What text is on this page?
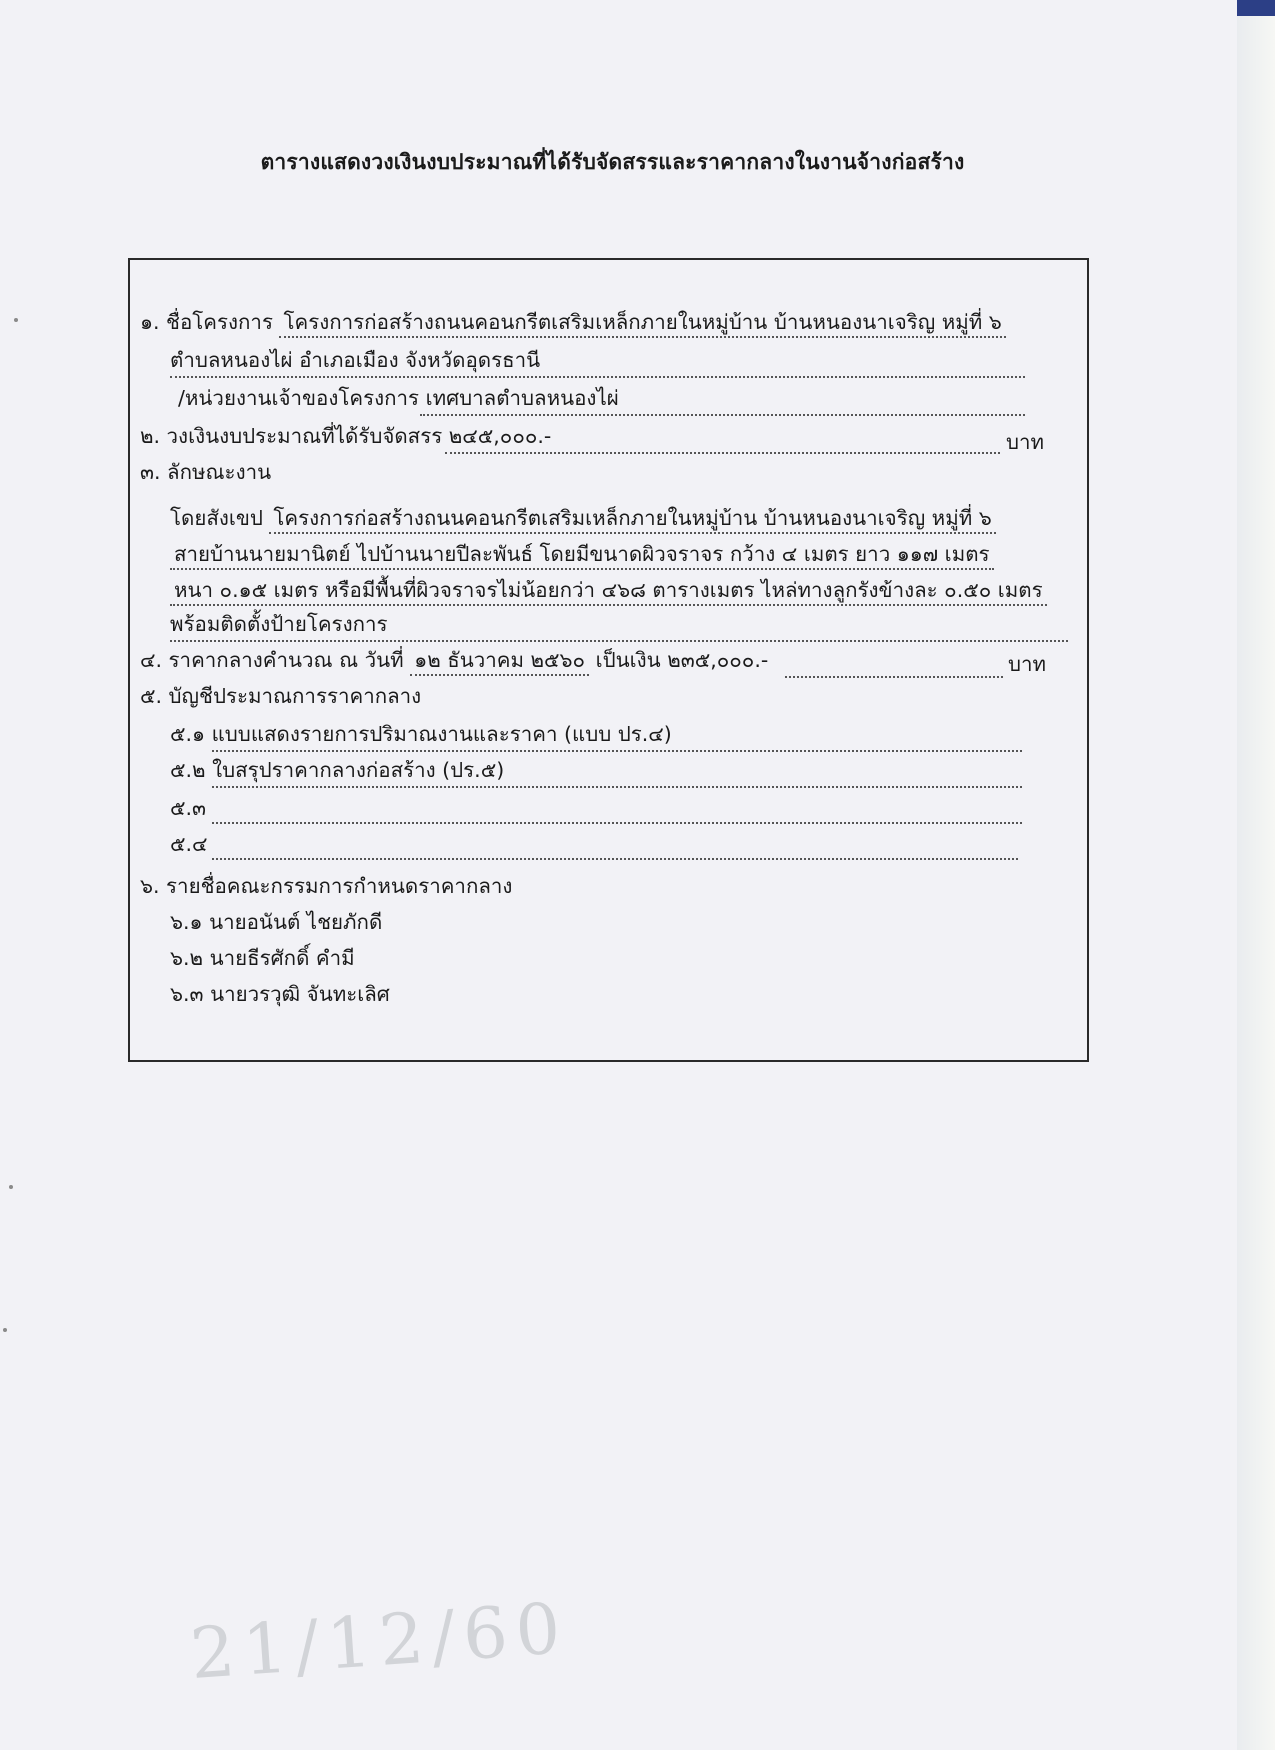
ตารางแสดงวงเงินงบประมาณที่ได้รับจัดสรรและราคากลางในงานจ้างก่อสร้าง
๑. ชื่อโครงการ โครงการก่อสร้างถนนคอนกรีตเสริมเหล็กภายในหมู่บ้าน บ้านหนองนาเจริญ หมู่ที่ ๖
ตำบลหนองไผ่ อำเภอเมือง จังหวัดอุดรธานี
/หน่วยงานเจ้าของโครงการ เทศบาลตำบลหนองไผ่
๒. วงเงินงบประมาณที่ได้รับจัดสรร ๒๔๕,๐๐๐.-	บาท
๓. ลักษณะงาน
โดยสังเขป โครงการก่อสร้างถนนคอนกรีตเสริมเหล็กภายในหมู่บ้าน บ้านหนองนาเจริญ หมู่ที่ ๖
สายบ้านนายมานิตย์ ไปบ้านนายปีละพันธ์ โดยมีขนาดผิวจราจร กว้าง ๔ เมตร ยาว ๑๑๗ เมตร
หนา ๐.๑๕ เมตร หรือมีพื้นที่ผิวจราจรไม่น้อยกว่า ๔๖๘ ตารางเมตร ไหล่ทางลูกรังข้างละ ๐.๕๐ เมตร
พร้อมติดตั้งป้ายโครงการ
๔. ราคากลางคำนวณ ณ วันที่ ๑๒ ธันวาคม ๒๕๖๐ เป็นเงิน ๒๓๕,๐๐๐.-	บาท
๕. บัญชีประมาณการราคากลาง
๕.๑ แบบแสดงรายการปริมาณงานและราคา (แบบ ปร.๔)
๕.๒ ใบสรุปราคากลางก่อสร้าง (ปร.๕)
๕.๓
๕.๔
๖. รายชื่อคณะกรรมการกำหนดราคากลาง
๖.๑ นายอนันต์ ไชยภักดี
๖.๒ นายธีรศักดิ์ คำมี
๖.๓ นายวรวุฒิ จันทะเลิศ
21/12/60
